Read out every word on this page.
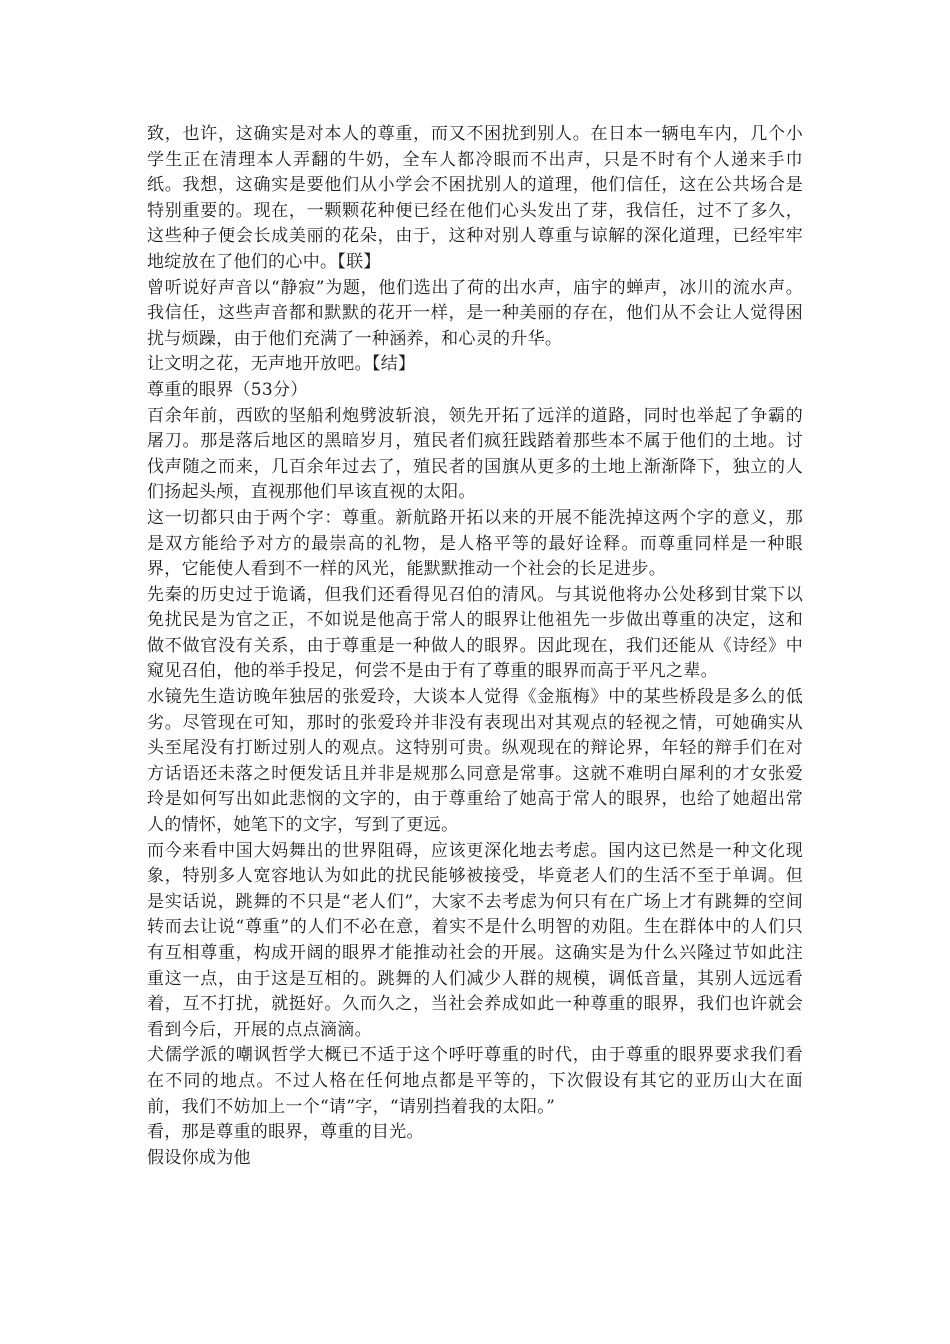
致，也许，这确实是对本人的尊重，而又不困扰到别人。在日本一辆电车内，几个小学生正在清理本人弄翻的牛奶，全车人都冷眼而不出声，只是不时有个人递来手巾纸。我想，这确实是要他们从小学会不困扰别人的道理，他们信任，这在公共场合是特别重要的。现在，一颗颗花种便已经在他们心头发出了芽，我信任，过不了多久，这些种子便会长成美丽的花朵，由于，这种对别人尊重与谅解的深化道理，已经牢牢地绽放在了他们的心中。【联】

曾听说好声音以“静寂”为题，他们选出了荷的出水声，庙宇的蝉声，冰川的流水声。我信任，这些声音都和默默的花开一样，是一种美丽的存在，他们从不会让人觉得困扰与烦躁，由于他们充满了一种涵养，和心灵的升华。

让文明之花，无声地开放吧。【结】

尊重的眼界（53分）

百余年前，西欧的坚船利炮劈波斩浪，领先开拓了远洋的道路，同时也举起了争霸的屠刀。那是落后地区的黑暗岁月，殖民者们疯狂践踏着那些本不属于他们的土地。讨伐声随之而来，几百余年过去了，殖民者的国旗从更多的土地上渐渐降下，独立的人们扬起头颅，直视那他们早该直视的太阳。

这一切都只由于两个字：尊重。新航路开拓以来的开展不能洗掉这两个字的意义，那是双方能给予对方的最崇高的礼物，是人格平等的最好诠释。而尊重同样是一种眼界，它能使人看到不一样的风光，能默默推动一个社会的长足进步。

先秦的历史过于诡谲，但我们还看得见召伯的清风。与其说他将办公处移到甘棠下以免扰民是为官之正，不如说是他高于常人的眼界让他祖先一步做出尊重的决定，这和做不做官没有关系，由于尊重是一种做人的眼界。因此现在，我们还能从《诗经》中窥见召伯，他的举手投足，何尝不是由于有了尊重的眼界而高于平凡之辈。

水镜先生造访晚年独居的张爱玲，大谈本人觉得《金瓶梅》中的某些桥段是多么的低劣。尽管现在可知，那时的张爱玲并非没有表现出对其观点的轻视之情，可她确实从头至尾没有打断过别人的观点。这特别可贵。纵观现在的辩论界，年轻的辩手们在对方话语还未落之时便发话且并非是规那么同意是常事。这就不难明白犀利的才女张爱玲是如何写出如此悲悯的文字的，由于尊重给了她高于常人的眼界，也给了她超出常人的情怀，她笔下的文字，写到了更远。

而今来看中国大妈舞出的世界阻碍，应该更深化地去考虑。国内这已然是一种文化现象，特别多人宽容地认为如此的扰民能够被接受，毕竟老人们的生活不至于单调。但是实话说，跳舞的不只是“老人们”，大家不去考虑为何只有在广场上才有跳舞的空间转而去让说“尊重”的人们不必在意，着实不是什么明智的劝阻。生在群体中的人们只有互相尊重，构成开阔的眼界才能推动社会的开展。这确实是为什么兴隆过节如此注重这一点，由于这是互相的。跳舞的人们减少人群的规模，调低音量，其别人远远看着，互不打扰，就挺好。久而久之，当社会养成如此一种尊重的眼界，我们也许就会看到今后，开展的点点滴滴。

犬儒学派的嘲讽哲学大概已不适于这个呼吁尊重的时代，由于尊重的眼界要求我们看在不同的地点。不过人格在任何地点都是平等的，下次假设有其它的亚历山大在面前，我们不妨加上一个“请”字，“请别挡着我的太阳。”

看，那是尊重的眼界，尊重的目光。

假设你成为他
